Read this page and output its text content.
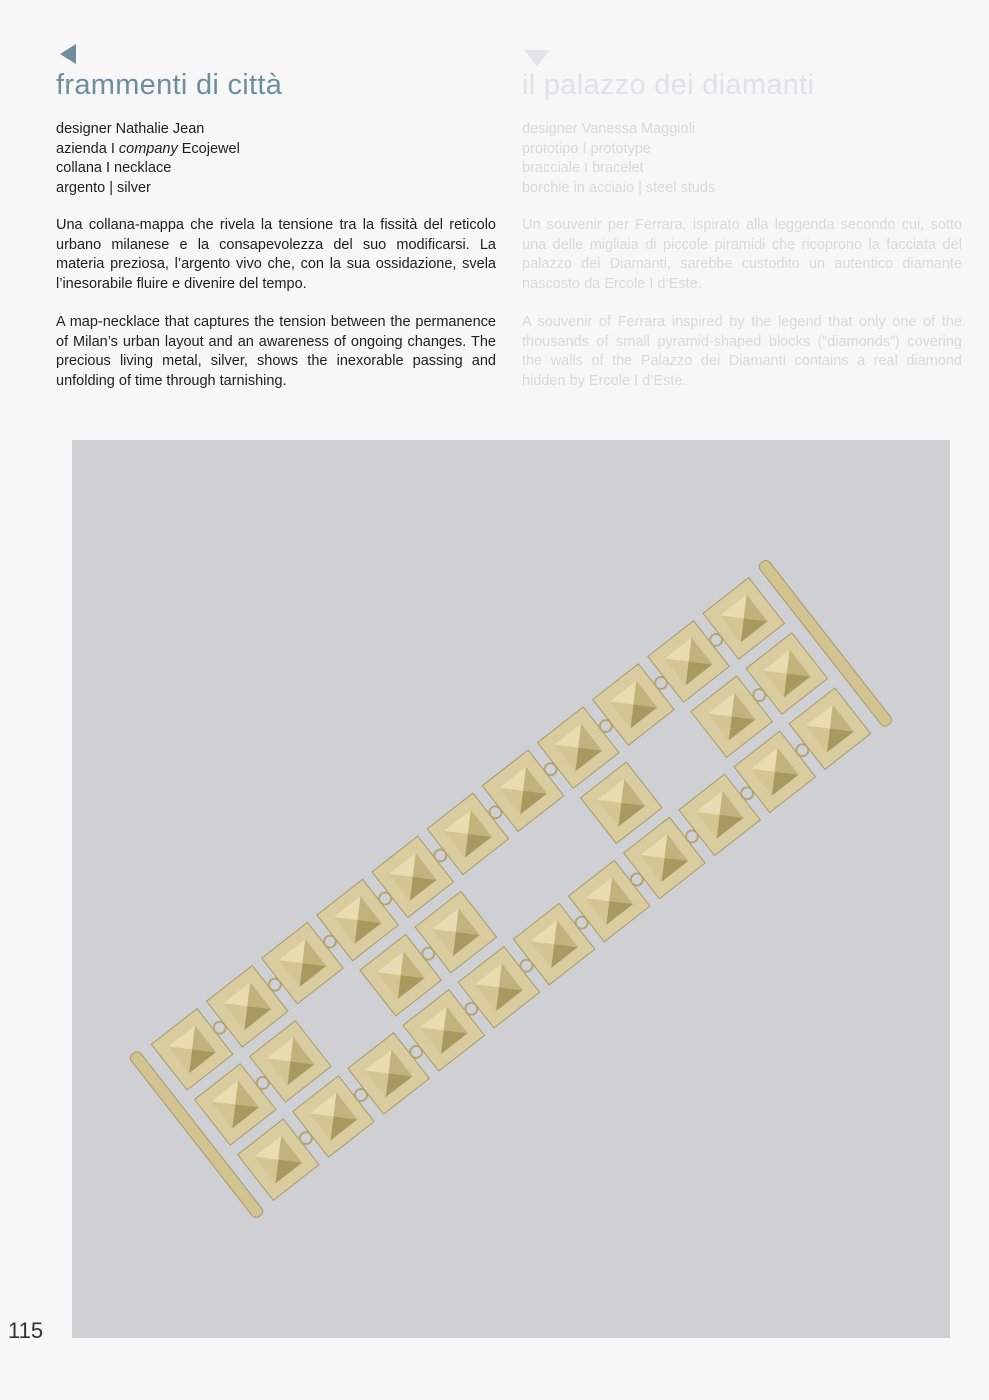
frammenti di città
designer Nathalie Jean
azienda I company Ecojewel
collana I necklace
argento | silver

Una collana-mappa che rivela la tensione tra la fissità del reticolo urbano milanese e la consapevolezza del suo modificarsi. La materia preziosa, l’argento vivo che, con la sua ossidazione, svela l’inesorabile fluire e divenire del tempo.

A map-necklace that captures the tension between the permanence of Milan’s urban layout and an awareness of ongoing changes. The precious living metal, silver, shows the inexorable passing and unfolding of time through tarnishing.

il palazzo dei diamanti
designer Vanessa Maggioli
prototipo I prototype
bracciale I bracelet
borchie in acciaio | steel studs

Un souvenir per Ferrara, ispirato alla leggenda secondo cui, sotto una delle migliaia di piccole piramidi che ricoprono la facciata del palazzo dei Diamanti, sarebbe custodito un autentico diamante nascosto da Ercole I d’Este.

A souvenir of Ferrara inspired by the legend that only one of the thousands of small pyramid-shaped blocks (“diamonds”) covering the walls of the Palazzo dei Diamanti contains a real diamond hidden by Ercole I d’Este.

115
